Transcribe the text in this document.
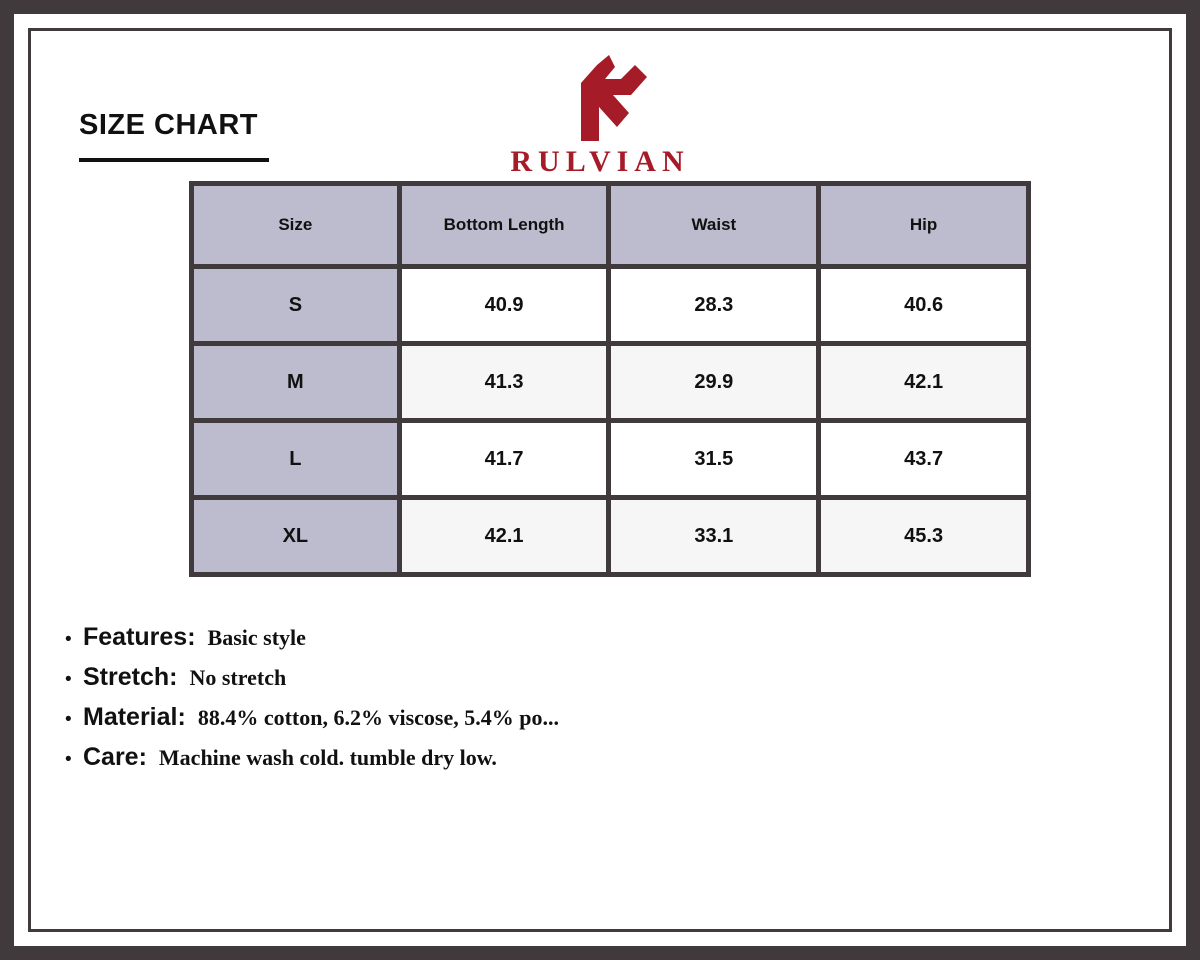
SIZE CHART
RULVIAN
Size	Bottom Length	Waist	Hip
S	40.9	28.3	40.6
M	41.3	29.9	42.1
L	41.7	31.5	43.7
XL	42.1	33.1	45.3
• Features: Basic style
• Stretch: No stretch
• Material: 88.4% cotton, 6.2% viscose, 5.4% po...
• Care: Machine wash cold. tumble dry low.
